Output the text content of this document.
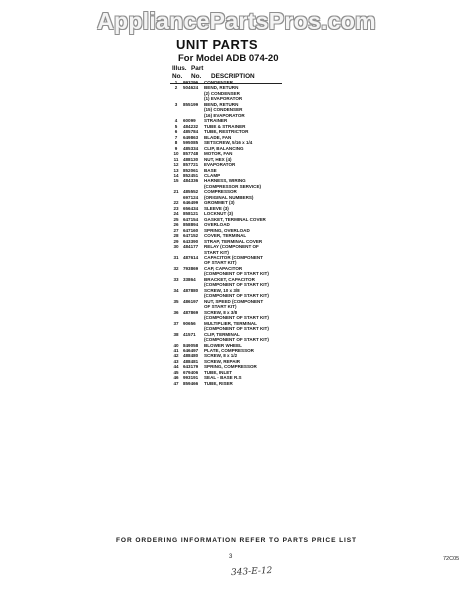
AppliancePartsPros.com
UNIT PARTS
For Model ADB 074-20
Illus. Part
No. No. DESCRIPTION
1	993296 CONDENSER
2	504624 BEND, RETURN
(2) CONDENSER
(1) EVAPORATOR
3	855199 BEND, RETURN
(15) CONDENSER
(16) EVAPORATOR
4	60099 STRAINER
5	484232 TUBE & STRAINER
6	485784 TUBE, RESTRICTOR
7	649863 BLADE, FAN
8	595085 SETSCREW, 5/16 x 1/4
9	485334 CLIP, BALANCING
10 857748 MOTOR, FAN
11	488130 NUT, HEX (4)
12 857721 EVAPORATOR
13 852061 BASE
14 852451 CLAMP
15 484336 HARNESS, WIRING
(COMPRESSOR SERVICE)
21 485552 COMPRESSOR
697124 (ORIGINAL NUMBERS)
22 646499 GROMMET (3)
23 656434 SLEEVE (3)
24 858121 LOCKNUT (3)
25 647154 GASKET, TERMINAL COVER
26 858894 OVERLOAD
27 647160 SPRING, OVERLOAD
28 647152 COVER, TERMINAL
29 643390 STRAP, TERMINAL COVER
30 484177 RELAY (COMPONENT OF
START KIT)
31 487614 CAPACITOR (COMPONENT
OF START KIT)
32 793869 CAP, CAPACITOR
(COMPONENT OF START KIT)
33 33864 BRACKET, CAPACITOR
(COMPONENT OF START KIT)
34 487880 SCREW, 10 x 3/8
(COMPONENT OF START KIT)
35 486197 NUT, SPEED (COMPONENT
OF START KIT)
36 487869 SCREW, 8 x 3/8
(COMPONENT OF START KIT)
37 90656 MULTIPLIER, TERMINAL
(COMPONENT OF START KIT)
38 41571 CLIP, TERMINAL
(COMPONENT OF START KIT)
40 849058 BLOWER WHEEL
41 646497 PLATE, COMPRESSOR
42 488480 SCREW, 8 x 1/2
43 488481 SCREW, REPAIR
44 643179 SPRING, COMPRESSOR
45 679406 TUBE, INLET
46 993191 SEAL - BASE R.S
47 859466 TUBE, RISER
FOR ORDERING INFORMATION REFER TO PARTS PRICE LIST
3	72C05
343-E-12
